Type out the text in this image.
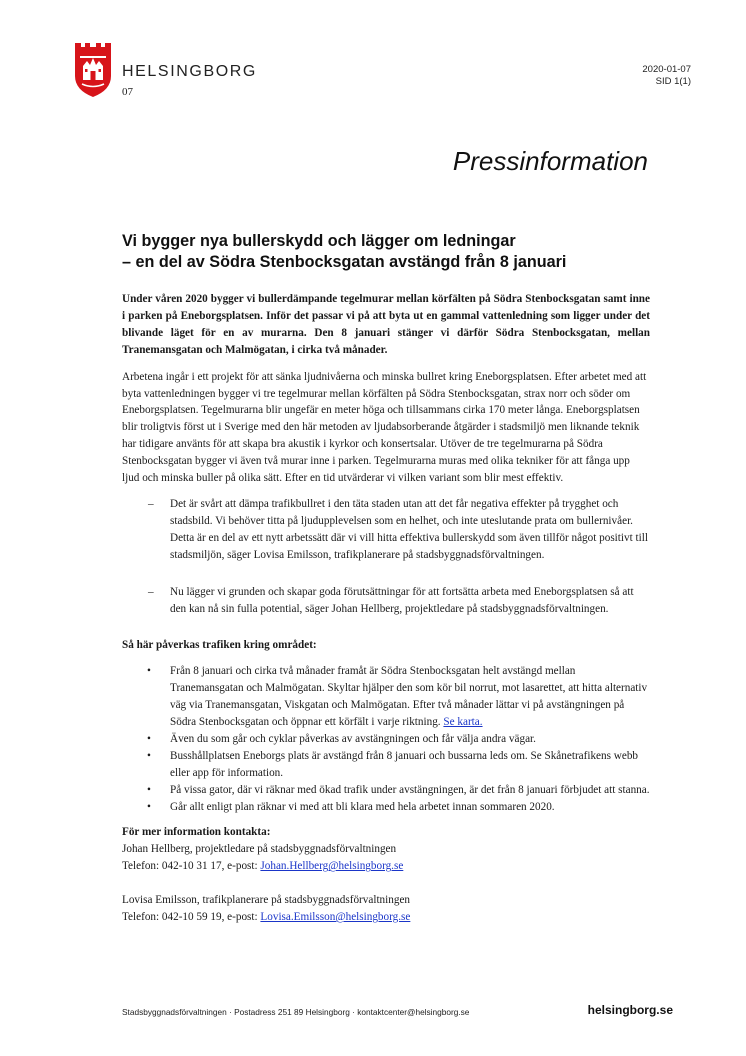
HELSINGBORG
07
2020-01-07
SID 1(1)
Pressinformation
Vi bygger nya bullerskydd och lägger om ledningar
– en del av Södra Stenbocksgatan avstängd från 8 januari

Under våren 2020 bygger vi bullerdämpande tegelmurar mellan körfälten på Södra Stenbocksgatan samt inne i parken på Eneborgsplatsen. Inför det passar vi på att byta ut en gammal vattenledning som ligger under det blivande läget för en av murarna. Den 8 januari stänger vi därför Södra Stenbocksgatan, mellan Tranemansgatan och Malmögatan, i cirka två månader.

Arbetena ingår i ett projekt för att sänka ljudnivåerna och minska bullret kring Eneborgsplatsen. Efter arbetet med att byta vattenledningen bygger vi tre tegelmurar mellan körfälten på Södra Stenbocksgatan, strax norr och söder om Eneborgsplatsen. Tegelmurarna blir ungefär en meter höga och tillsammans cirka 170 meter långa. Eneborgsplatsen blir troligtvis först ut i Sverige med den här metoden av ljudabsorberande åtgärder i stadsmiljö men liknande teknik har tidigare använts för att skapa bra akustik i kyrkor och konsertsalar. Utöver de tre tegelmurarna på Södra Stenbocksgatan bygger vi även två murar inne i parken. Tegelmurarna muras med olika tekniker för att fånga upp ljud och minska buller på olika sätt. Efter en tid utvärderar vi vilken variant som blir mest effektiv.

– Det är svårt att dämpa trafikbullret i den täta staden utan att det får negativa effekter på trygghet och stadsbild. Vi behöver titta på ljudupplevelsen som en helhet, och inte uteslutande prata om bullernivåer. Detta är en del av ett nytt arbetssätt där vi vill hitta effektiva bullerskydd som även tillför något positivt till stadsmiljön, säger Lovisa Emilsson, trafikplanerare på stadsbyggnadsförvaltningen.
– Nu lägger vi grunden och skapar goda förutsättningar för att fortsätta arbeta med Eneborgsplatsen så att den kan nå sin fulla potential, säger Johan Hellberg, projektledare på stadsbyggnadsförvaltningen.

Så här påverkas trafiken kring området:

• Från 8 januari och cirka två månader framåt är Södra Stenbocksgatan helt avstängd mellan Tranemansgatan och Malmögatan. Skyltar hjälper den som kör bil norrut, mot lasarettet, att hitta alternativ väg via Tranemansgatan, Viskgatan och Malmögatan. Efter två månader lättar vi på avstängningen på Södra Stenbocksgatan och öppnar ett körfält i varje riktning. Se karta.
• Även du som går och cyklar påverkas av avstängningen och får välja andra vägar.
• Busshållplatsen Eneborgs plats är avstängd från 8 januari och bussarna leds om. Se Skånetrafikens webb eller app för information.
• På vissa gator, där vi räknar med ökad trafik under avstängningen, är det från 8 januari förbjudet att stanna.
• Går allt enligt plan räknar vi med att bli klara med hela arbetet innan sommaren 2020.
För mer information kontakta:
Johan Hellberg, projektledare på stadsbyggnadsförvaltningen
Telefon: 042-10 31 17, e-post: Johan.Hellberg@helsingborg.se
Lovisa Emilsson, trafikplanerare på stadsbyggnadsförvaltningen
Telefon: 042-10 59 19, e-post: Lovisa.Emilsson@helsingborg.se
Stadsbyggnadsförvaltningen · Postadress 251 89 Helsingborg · kontaktcenter@helsingborg.se	helsingborg.se
